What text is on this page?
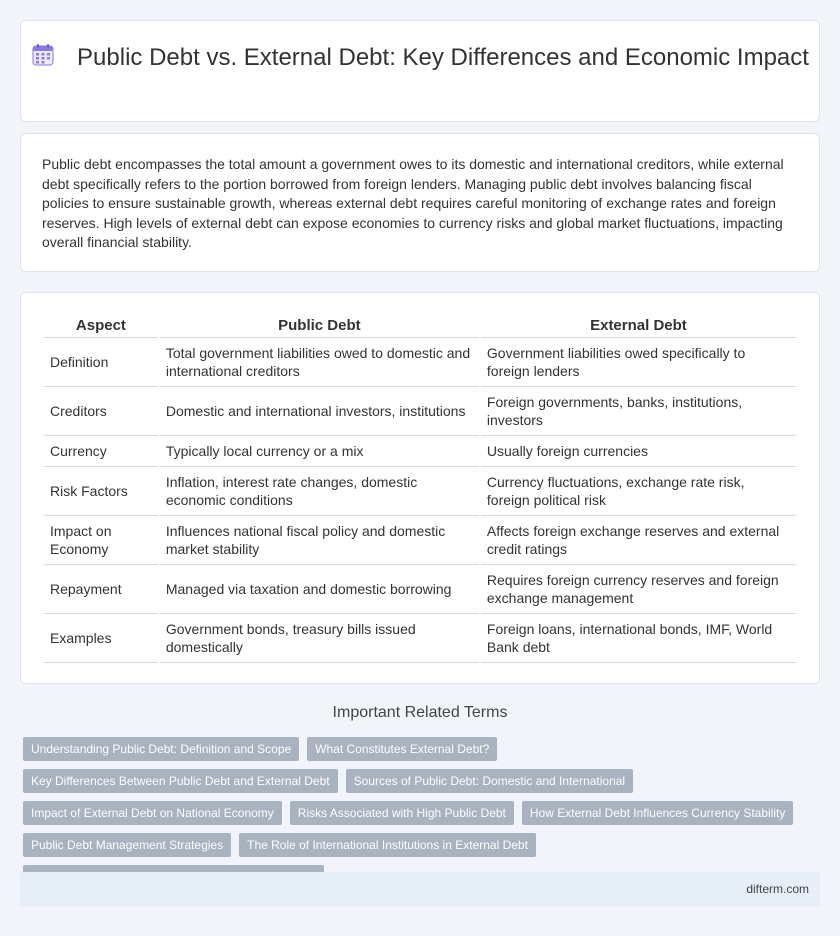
Public Debt vs. External Debt: Key Differences and Economic Impact

Public debt encompasses the total amount a government owes to its domestic and international creditors, while external debt specifically refers to the portion borrowed from foreign lenders. Managing public debt involves balancing fiscal policies to ensure sustainable growth, whereas external debt requires careful monitoring of exchange rates and foreign reserves. High levels of external debt can expose economies to currency risks and global market fluctuations, impacting overall financial stability.

Aspect	Public Debt	External Debt
Definition	Total government liabilities owed to domestic and international creditors	Government liabilities owed specifically to foreign lenders
Creditors	Domestic and international investors, institutions	Foreign governments, banks, institutions, investors
Currency	Typically local currency or a mix	Usually foreign currencies
Risk Factors	Inflation, interest rate changes, domestic economic conditions	Currency fluctuations, exchange rate risk, foreign political risk
Impact on Economy	Influences national fiscal policy and domestic market stability	Affects foreign exchange reserves and external credit ratings
Repayment	Managed via taxation and domestic borrowing	Requires foreign currency reserves and foreign exchange management
Examples	Government bonds, treasury bills issued domestically	Foreign loans, international bonds, IMF, World Bank debt
Important Related Terms
Understanding Public Debt: Definition and Scope	What Constitutes External Debt?
Key Differences Between Public Debt and External Debt	Sources of Public Debt: Domestic and International
Impact of External Debt on National Economy	Risks Associated with High Public Debt	How External Debt Influences Currency Stability
Public Debt Management Strategies	The Role of International Institutions in External Debt
difterm.com
